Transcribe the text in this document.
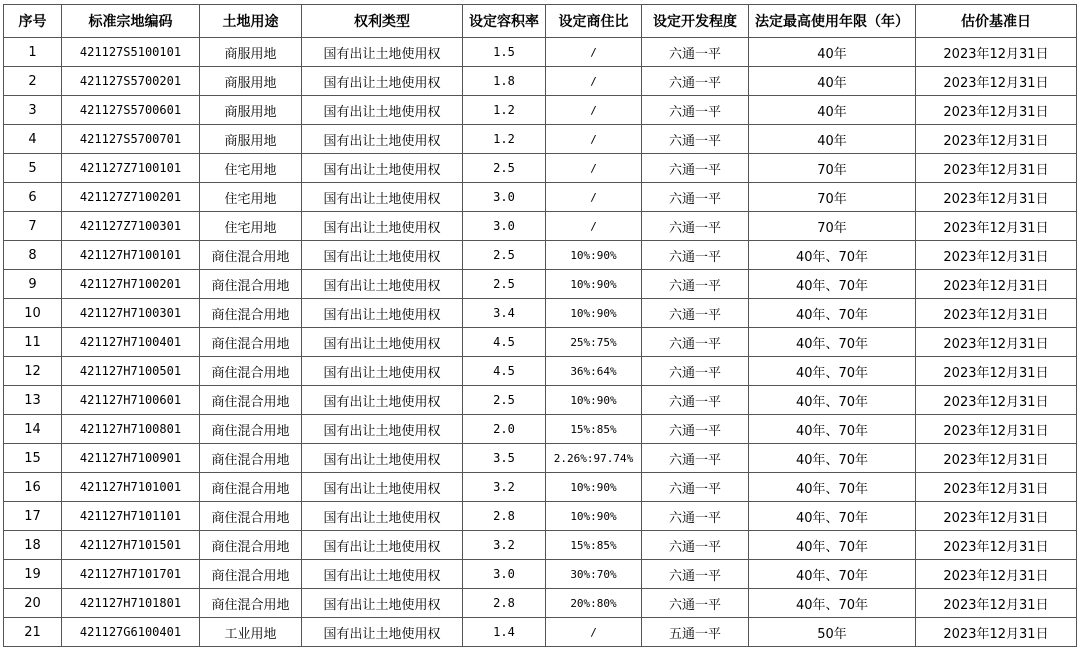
序号	标准宗地编码	土地用途	权利类型	设定容积率	设定商住比	设定开发程度	法定最高使用年限（年）	估价基准日
1	421127S5100101	商服用地	国有出让土地使用权	1.5	/	六通一平	40年	2023年12月31日
2	421127S5700201	商服用地	国有出让土地使用权	1.8	/	六通一平	40年	2023年12月31日
3	421127S5700601	商服用地	国有出让土地使用权	1.2	/	六通一平	40年	2023年12月31日
4	421127S5700701	商服用地	国有出让土地使用权	1.2	/	六通一平	40年	2023年12月31日
5	421127Z7100101	住宅用地	国有出让土地使用权	2.5	/	六通一平	70年	2023年12月31日
6	421127Z7100201	住宅用地	国有出让土地使用权	3.0	/	六通一平	70年	2023年12月31日
7	421127Z7100301	住宅用地	国有出让土地使用权	3.0	/	六通一平	70年	2023年12月31日
8	421127H7100101	商住混合用地	国有出让土地使用权	2.5	10%:90%	六通一平	40年、70年	2023年12月31日
9	421127H7100201	商住混合用地	国有出让土地使用权	2.5	10%:90%	六通一平	40年、70年	2023年12月31日
10	421127H7100301	商住混合用地	国有出让土地使用权	3.4	10%:90%	六通一平	40年、70年	2023年12月31日
11	421127H7100401	商住混合用地	国有出让土地使用权	4.5	25%:75%	六通一平	40年、70年	2023年12月31日
12	421127H7100501	商住混合用地	国有出让土地使用权	4.5	36%:64%	六通一平	40年、70年	2023年12月31日
13	421127H7100601	商住混合用地	国有出让土地使用权	2.5	10%:90%	六通一平	40年、70年	2023年12月31日
14	421127H7100801	商住混合用地	国有出让土地使用权	2.0	15%:85%	六通一平	40年、70年	2023年12月31日
15	421127H7100901	商住混合用地	国有出让土地使用权	3.5	2.26%:97.74%	六通一平	40年、70年	2023年12月31日
16	421127H7101001	商住混合用地	国有出让土地使用权	3.2	10%:90%	六通一平	40年、70年	2023年12月31日
17	421127H7101101	商住混合用地	国有出让土地使用权	2.8	10%:90%	六通一平	40年、70年	2023年12月31日
18	421127H7101501	商住混合用地	国有出让土地使用权	3.2	15%:85%	六通一平	40年、70年	2023年12月31日
19	421127H7101701	商住混合用地	国有出让土地使用权	3.0	30%:70%	六通一平	40年、70年	2023年12月31日
20	421127H7101801	商住混合用地	国有出让土地使用权	2.8	20%:80%	六通一平	40年、70年	2023年12月31日
21	421127G6100401	工业用地	国有出让土地使用权	1.4	/	五通一平	50年	2023年12月31日
